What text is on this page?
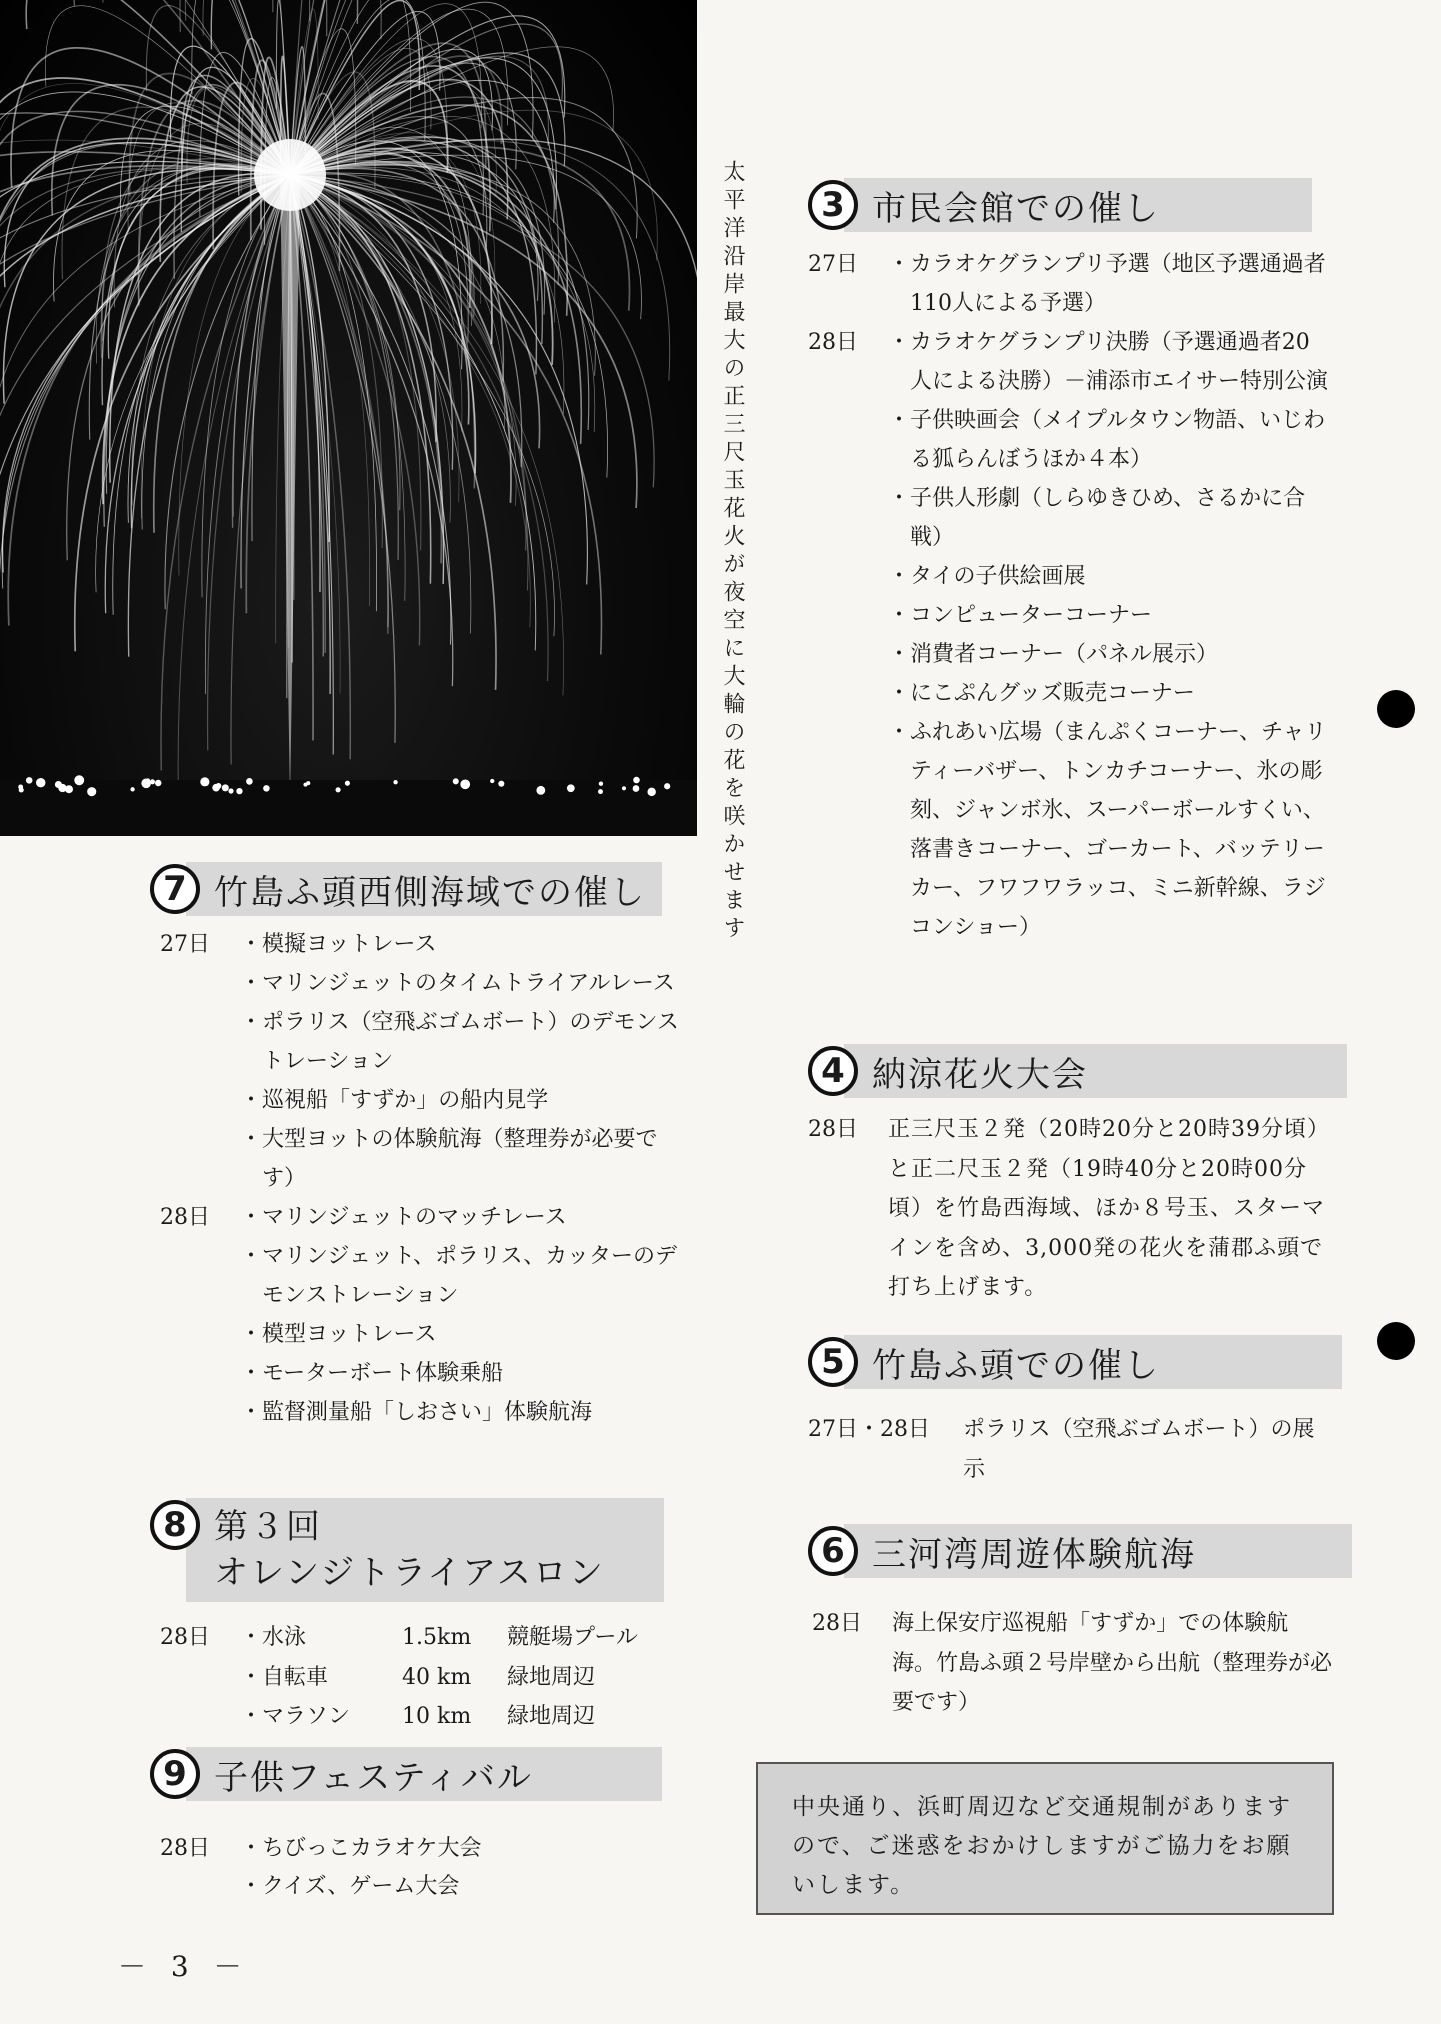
太平洋沿岸最大の正三尺玉花火が夜空に大輪の花を咲かせます	3 市民会館での催し
27日	・ カラオケグランプリ予選（地区予選通過者110人による予選）
28日	・ カラオケグランプリ決勝（予選通過者20人による決勝）－浦添市エイサー特別公演
・ 子供映画会（メイプルタウン物語、いじわる狐らんぼうほか４本）
・ 子供人形劇（しらゆきひめ、さるかに合戦）
・ タイの子供絵画展
・ コンピューターコーナー
・ 消費者コーナー（パネル展示）
・ にこぷんグッズ販売コーナー
・ ふれあい広場（まんぷくコーナー、チャリティーバザー、トンカチコーナー、氷の彫刻、ジャンボ氷、スーパーボールすくい、落書きコーナー、ゴーカート、バッテリーカー、フワフワラッコ、ミニ新幹線、ラジコンショー）
4 納涼花火大会
28日	正三尺玉２発（20時20分と20時39分頃）と正二尺玉２発（19時40分と20時00分頃）を竹島西海域、ほか８号玉、スターマインを含め、3,000発の花火を蒲郡ふ頭で打ち上げます。
5 竹島ふ頭での催し
27日・28日	ポラリス（空飛ぶゴムボート）の展示
6 三河湾周遊体験航海
28日	海上保安庁巡視船「すずか」での体験航海。竹島ふ頭２号岸壁から出航（整理券が必要です）
7 竹島ふ頭西側海域での催し
27日	・ 模擬ヨットレース
・ マリンジェットのタイムトライアルレース
・ ポラリス（空飛ぶゴムボート）のデモンストレーション
・ 巡視船「すずか」の船内見学
・ 大型ヨットの体験航海（整理券が必要です）
28日	・ マリンジェットのマッチレース
・ マリンジェット、ポラリス、カッターのデモンストレーション
・ 模型ヨットレース
・ モーターボート体験乗船
・ 監督測量船「しおさい」体験航海
8 第３回
オレンジトライアスロン
28日	・	水泳	1.5km	競艇場プール
・	自転車	40 km	緑地周辺
・	マラソン	10 km	緑地周辺
9 子供フェスティバル
28日	・ ちびっこカラオケ大会
・ クイズ、ゲーム大会
中央通り、浜町周辺など交通規制がありますので、ご迷惑をおかけしますがご協力をお願いします。
－ 3 －
